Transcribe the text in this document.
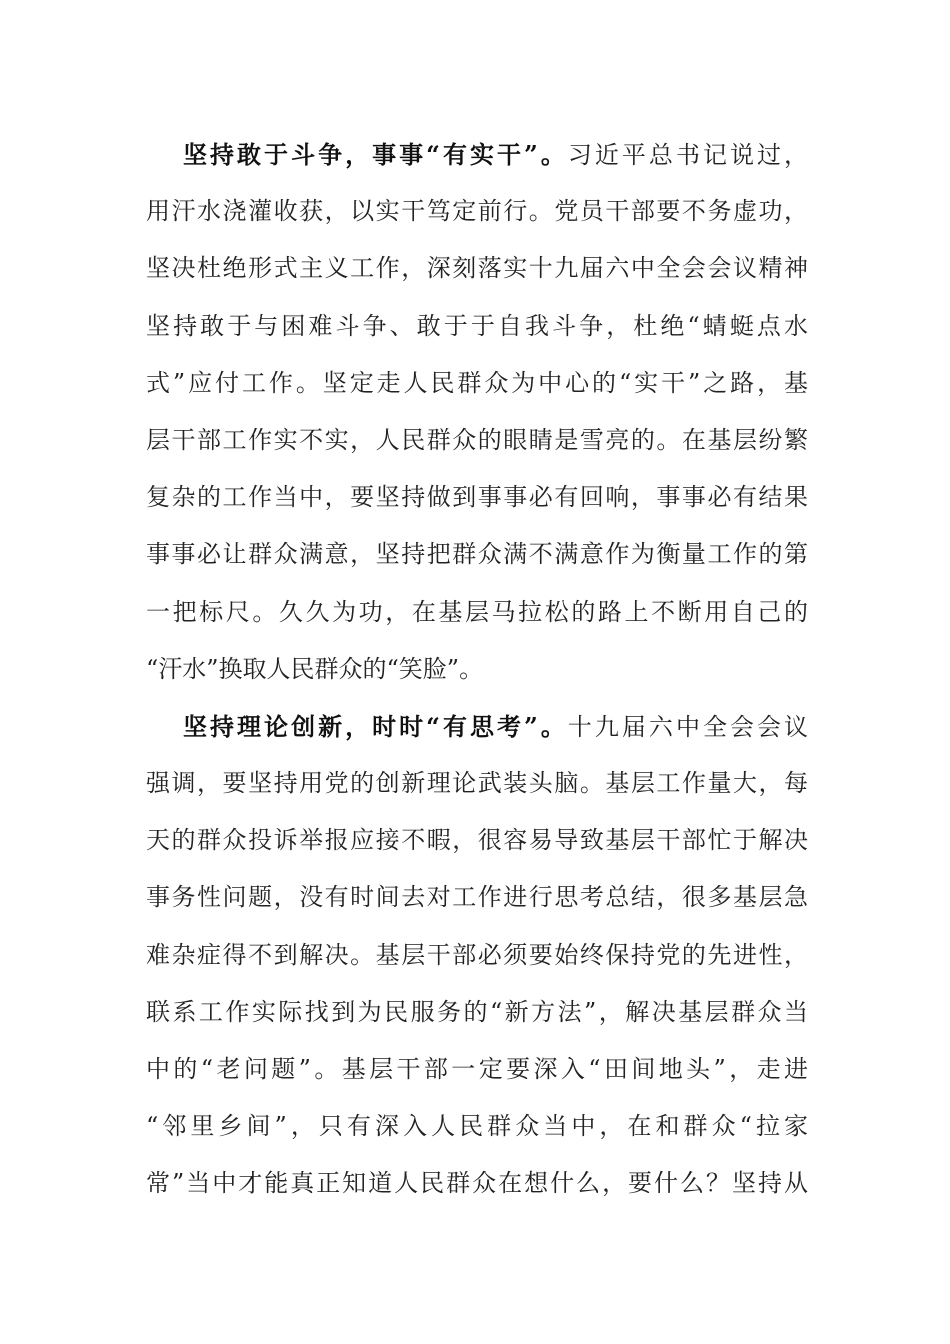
坚持敢于斗争，事事“有实干”。习近平总书记说过，
用汗水浇灌收获，以实干笃定前行。党员干部要不务虚功，
坚决杜绝形式主义工作，深刻落实十九届六中全会会议精神
坚持敢于与困难斗争、敢于于自我斗争，杜绝“蜻蜓点水
式”应付工作。坚定走人民群众为中心的“实干”之路，基
层干部工作实不实，人民群众的眼睛是雪亮的。在基层纷繁
复杂的工作当中，要坚持做到事事必有回响，事事必有结果
事事必让群众满意，坚持把群众满不满意作为衡量工作的第
一把标尺。久久为功，在基层马拉松的路上不断用自己的
“汗水”换取人民群众的“笑脸”。
坚持理论创新，时时“有思考”。十九届六中全会会议
强调，要坚持用党的创新理论武装头脑。基层工作量大，每
天的群众投诉举报应接不暇，很容易导致基层干部忙于解决
事务性问题，没有时间去对工作进行思考总结，很多基层急
难杂症得不到解决。基层干部必须要始终保持党的先进性，
联系工作实际找到为民服务的“新方法”，解决基层群众当
中的“老问题”。基层干部一定要深入“田间地头”，走进
“邻里乡间”，只有深入人民群众当中，在和群众“拉家
常”当中才能真正知道人民群众在想什么，要什么？坚持从
